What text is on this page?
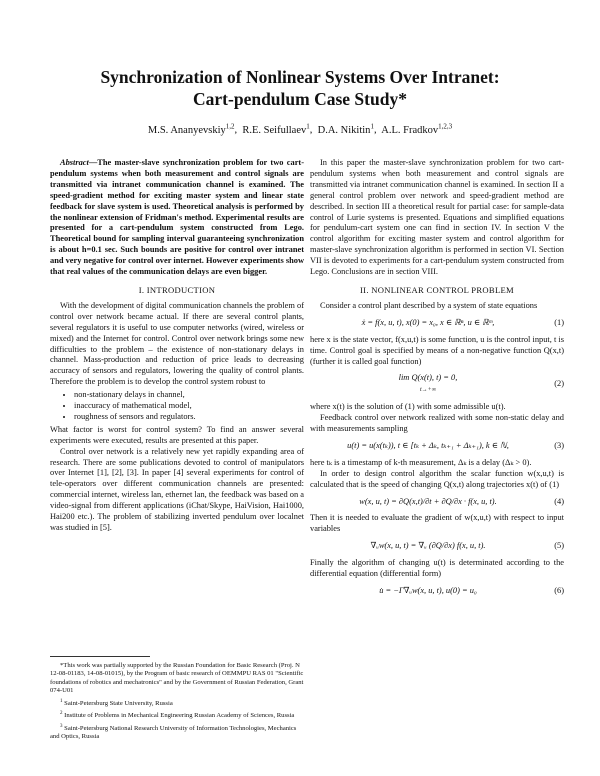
Synchronization of Nonlinear Systems Over Intranet:
Cart-pendulum Case Study*
M.S. Ananyevskiy$^{1,2}$,  R.E. Seifullaev$^1$,  D.A. Nikitin$^1$,  A.L. Fradkov$^{1,2,3}$

Abstract—The master-slave synchronization problem for two cart-pendulum systems when both measurement and control signals are transmitted via intranet communication channel is examined. The speed-gradient method for exciting master system and linear state feedback for slave system is used. Theoretical analysis is performed by the nonlinear extension of Fridman's method. Experimental results are presented for a cart-pendulum system constructed from Lego. Theoretical bound for sampling interval guaranteeing synchronization is about h=0.1 sec. Such bounds are positive for control over intranet and very negative for control over internet. However experiments show that real values of the communication delays are even bigger.

I. INTRODUCTION

With the development of digital communication channels the problem of control over network became actual. If there are several control plants, several regulators it is useful to use computer networks (wired, wireless or mixed) and the Internet for control. Control over network brings some new difficulties to the problem – the existence of non-stationary delays in channel. Mass-production and reduction of price leads to decreasing accuracy of sensors and regulators, lowering the quality of control plants. Therefore the problem is to develop the control system robust to

• non-stationary delays in channel,
• inaccuracy of mathematical model,
• roughness of sensors and regulators.

What factor is worst for control system? To find an answer several experiments were executed, results are presented at this paper.

Control over network is a relatively new yet rapidly expanding area of research. There are some publications devoted to control of manipulators over Internet [1], [2], [3]. In paper [4] several experiments for control of tele-operators over different communication channels are presented: commercial internet, wireless lan, ethernet lan, the feedback was based on a video-signal from different applications (iChat/Skype, HaiVision, Hai1000, Hai200 etc.). The problem of stabilizing inverted pendulum over localnet was studied in [5].

*This work was partially supported by the Russian Foundation for Basic Research (Proj. N 12-08-01183, 14-08-01015), by the Program of basic research of OEMMPU RAS 01 "Scientific foundations of robotics and mechatronics" and by the Government of Russian Federation, Grant 074-U01
$^1$ Saint-Petersburg State University, Russia
$^2$ Institute of Problems in Mechanical Engineering Russian Academy of Sciences, Russia
$^3$ Saint-Petersburg National Research University of Information Technologies, Mechanics and Optics, Russia

In this paper the master-slave synchronization problem for two cart-pendulum systems when both measurement and control signals are transmitted via intranet communication channel is examined. In section II a general control problem over network and speed-gradient method are described. In section III a theoretical result for partial case: for sample-data control of Lurie systems is presented. Equations and simplified equations for pendulum-cart system one can find in section IV. In section V the control algorithm for exciting master system and control algorithm for master-slave synchronization algorithm is performed in section VI. Section VII is devoted to experiments for a cart-pendulum system constructed from Lego. Conclusions are in section VIII.

II. NONLINEAR CONTROL PROBLEM

Consider a control plant described by a system of state equations

ẋ = f(x, u, t), x(0) = x₀, x ∈ ℝⁿ, u ∈ ℝᵐ,	(1)

here x is the state vector, f(x,u,t) is some function, u is the control input, t is time. Control goal is specified by means of a non-negative function Q(x,t) (further it is called goal function)

lim Q(x(t), t) = 0,
t→+∞
(2)

where x(t) is the solution of (1) with some admissible u(t).

Feedback control over network realized with some non-static delay and with measurements sampling

u(t) = u(x(tₖ)), t ∈ [tₖ + Δₖ, tₖ₊₁ + Δₖ₊₁), k ∈ ℕ,	(3)

here tₖ is a timestamp of k-th measurement, Δₖ is a delay (Δₖ > 0).

In order to design control algorithm the scalar function w(x,u,t) is calculated that is the speed of changing Q(x,t) along trajectories x(t) of (1)

w(x, u, t) = ∂Q(x,t)/∂t + ∂Q/∂x · f(x, u, t).	(4)

Then it is needed to evaluate the gradient of w(x,u,t) with respect to input variables

∇ᵤw(x, u, t) = ∇ᵤ (∂Q/∂x) f(x, u, t).	(5)

Finally the algorithm of changing u(t) is determinated according to the differential equation (differential form)

u̇ = −Γ∇ᵤw(x, u, t), u(0) = u₀	(6)
